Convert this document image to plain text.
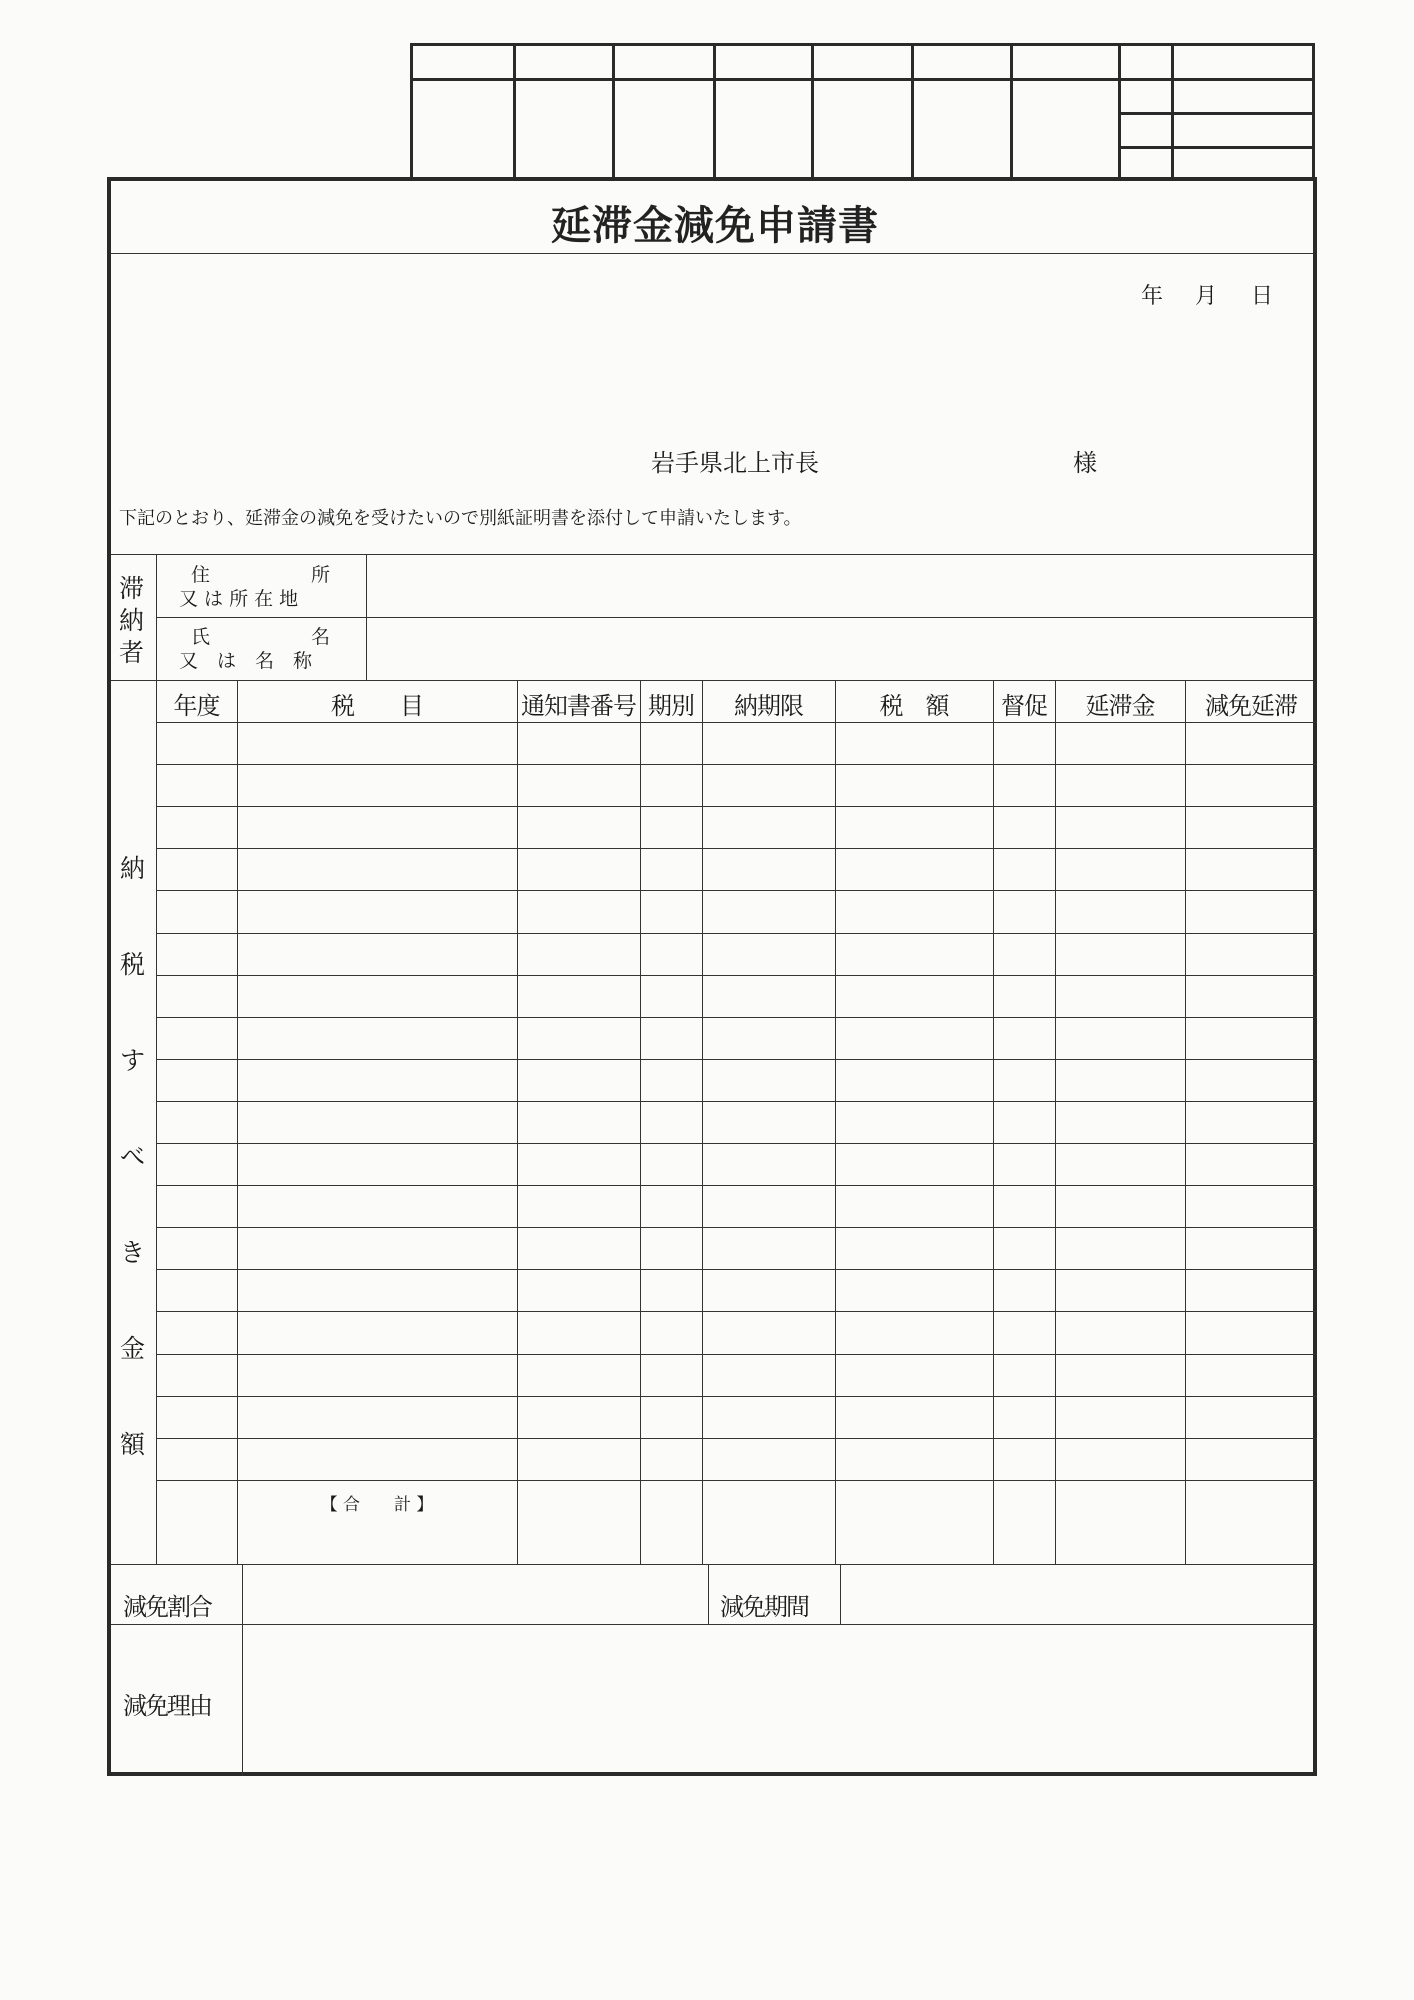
延滞金減免申請書
年 月 日
岩手県北上市長	様
下記のとおり、延滞金の減免を受けたいので別紙証明書を添付して申請いたします。
滞
納
者
住	所
又 は 所 在 地
氏	名
又　は　名　称
納
税
す
べ
き
金
額
年度	税　　目	通知書番号 期別	納期限	税　額	督促	延滞金	減免延滞
【 合　　計 】
減免割合	減免期間
減免理由
